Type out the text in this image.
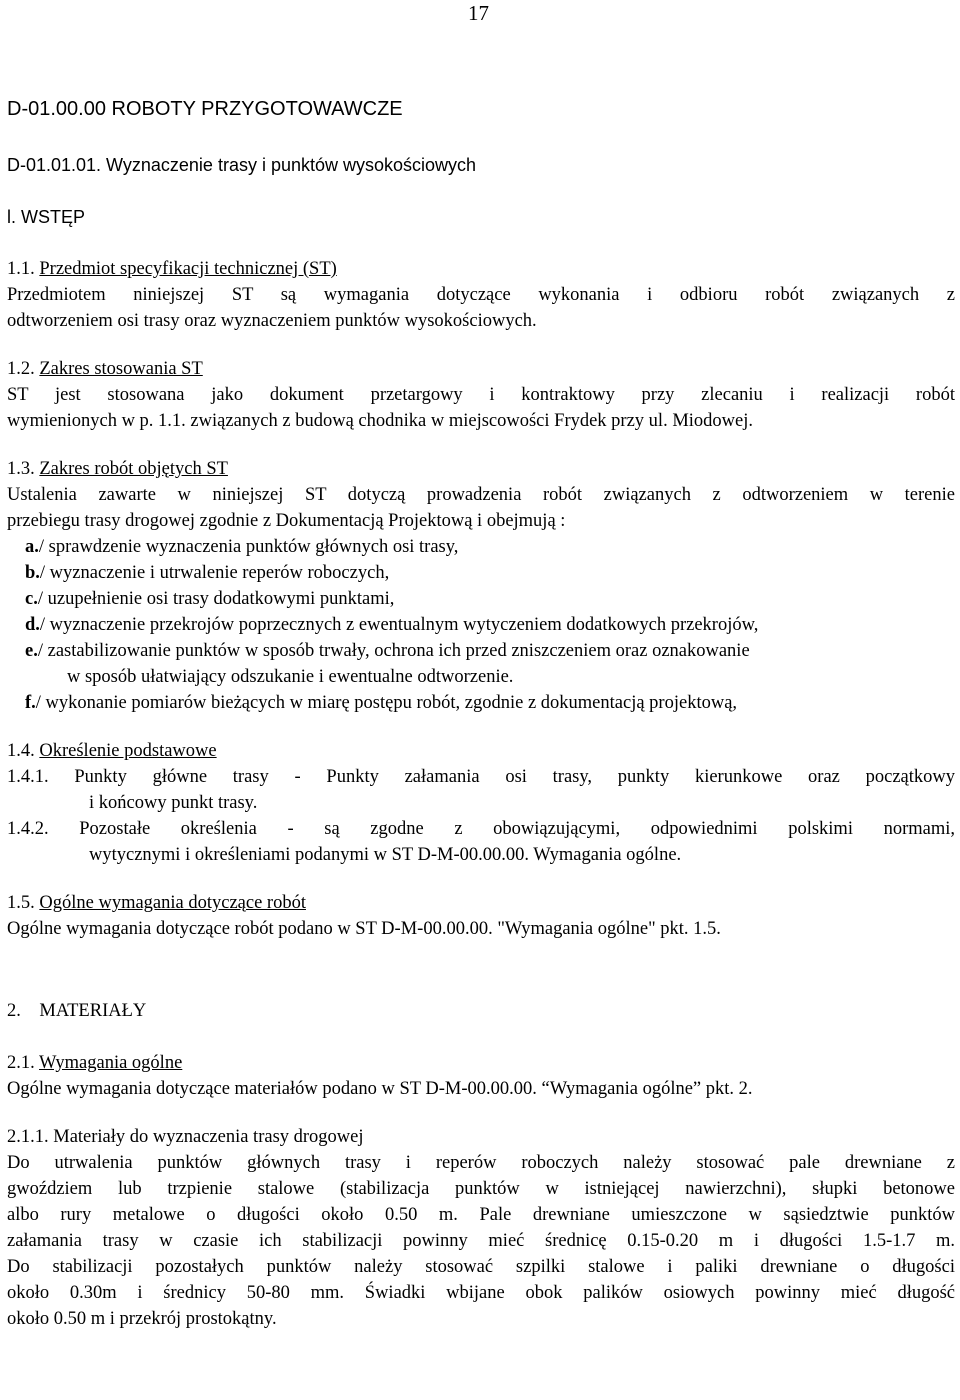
17
D-01.00.00 ROBOTY PRZYGOTOWAWCZE
D-01.01.01. Wyznaczenie trasy i punktów wysokościowych
l. WSTĘP
1.1. Przedmiot specyfikacji technicznej (ST)
Przedmiotem niniejszej ST są wymagania dotyczące wykonania i odbioru robót związanych z
odtworzeniem osi trasy oraz wyznaczeniem punktów wysokościowych.
1.2. Zakres stosowania ST
ST jest stosowana jako dokument przetargowy i kontraktowy przy zlecaniu i realizacji robót
wymienionych w p. 1.1. związanych z budową chodnika w miejscowości Frydek przy ul. Miodowej.
1.3. Zakres robót objętych ST
Ustalenia zawarte w niniejszej ST dotyczą prowadzenia robót związanych z odtworzeniem w terenie
przebiegu trasy drogowej zgodnie z Dokumentacją Projektową i obejmują :
a./ sprawdzenie wyznaczenia punktów głównych osi trasy,
b./ wyznaczenie i utrwalenie reperów roboczych,
c./ uzupełnienie osi trasy dodatkowymi punktami,
d./ wyznaczenie przekrojów poprzecznych z ewentualnym wytyczeniem dodatkowych przekrojów,
e./ zastabilizowanie punktów w sposób trwały, ochrona ich przed zniszczeniem oraz oznakowanie
w sposób ułatwiający odszukanie i ewentualne odtworzenie.
f./ wykonanie pomiarów bieżących w miarę postępu robót, zgodnie z dokumentacją projektową,
1.4. Określenie podstawowe
1.4.1. Punkty główne trasy - Punkty załamania osi trasy, punkty kierunkowe oraz początkowy
i końcowy punkt trasy.
1.4.2. Pozostałe określenia - są zgodne z obowiązującymi, odpowiednimi polskimi normami,
wytycznymi i określeniami podanymi w ST D-M-00.00.00. Wymagania ogólne.
1.5. Ogólne wymagania dotyczące robót
Ogólne wymagania dotyczące robót podano w ST D-M-00.00.00. "Wymagania ogólne" pkt. 1.5.
2. MATERIAŁY
2.1. Wymagania ogólne
Ogólne wymagania dotyczące materiałów podano w ST D-M-00.00.00. “Wymagania ogólne” pkt. 2.
2.1.1. Materiały do wyznaczenia trasy drogowej
Do utrwalenia punktów głównych trasy i reperów roboczych należy stosować pale drewniane z
gwoździem lub trzpienie stalowe (stabilizacja punktów w istniejącej nawierzchni), słupki betonowe
albo rury metalowe o długości około 0.50 m. Pale drewniane umieszczone w sąsiedztwie punktów
załamania trasy w czasie ich stabilizacji powinny mieć średnicę 0.15-0.20 m i długości 1.5-1.7 m.
Do stabilizacji pozostałych punktów należy stosować szpilki stalowe i paliki drewniane o długości
około 0.30m i średnicy 50-80 mm. Świadki wbijane obok palików osiowych powinny mieć długość
około 0.50 m i przekrój prostokątny.
